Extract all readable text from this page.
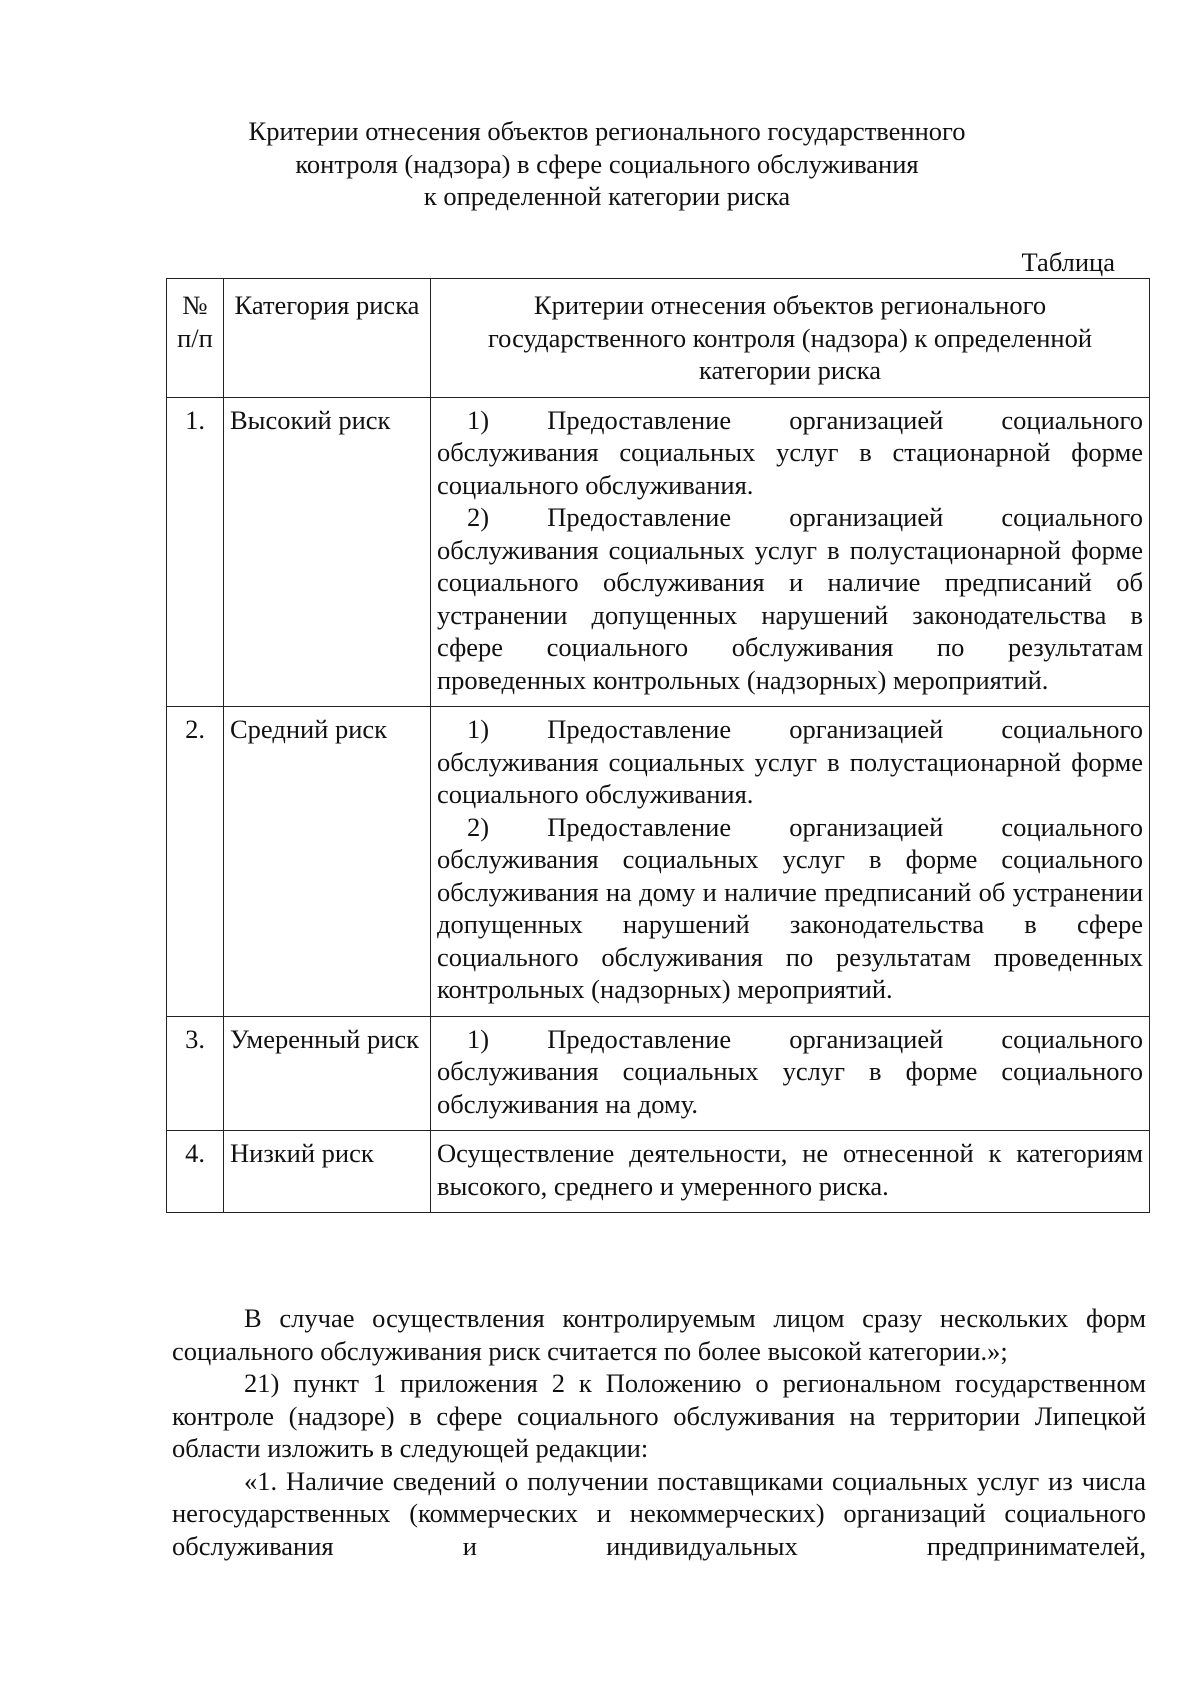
Критерии отнесения объектов регионального государственного
контроля (надзора) в сфере социального обслуживания
к определенной категории риска
Таблица
№ п/п	Категория риска	Критерии отнесения объектов регионального государственного контроля (надзора) к определенной категории риска
1.	Высокий риск	1) Предоставление организацией социального обслуживания социальных услуг в стационарной форме социального обслуживания.
2) Предоставление организацией социального обслуживания социальных услуг в полустационарной форме социального обслуживания и наличие предписаний об устранении допущенных нарушений законодательства в сфере социального обслуживания по результатам проведенных контрольных (надзорных) мероприятий.

2.	Средний риск	1) Предоставление организацией социального обслуживания социальных услуг в полустационарной форме социального обслуживания.
2) Предоставление организацией социального обслуживания социальных услуг в форме социального обслуживания на дому и наличие предписаний об устранении допущенных нарушений законодательства в сфере социального обслуживания по результатам проведенных контрольных (надзорных) мероприятий.

3.	Умеренный риск	1) Предоставление организацией социального обслуживания социальных услуг в форме социального обслуживания на дому.

4.	Низкий риск	Осуществление деятельности, не отнесенной к категориям высокого, среднего и умеренного риска.

В случае осуществления контролируемым лицом сразу нескольких форм социального обслуживания риск считается по более высокой категории.»;

21) пункт 1 приложения 2 к Положению о региональном государственном контроле (надзоре) в сфере социального обслуживания на территории Липецкой области изложить в следующей редакции:

«1. Наличие сведений о получении поставщиками социальных услуг из числа негосударственных (коммерческих и некоммерческих) организаций социального обслуживания и индивидуальных предпринимателей,
